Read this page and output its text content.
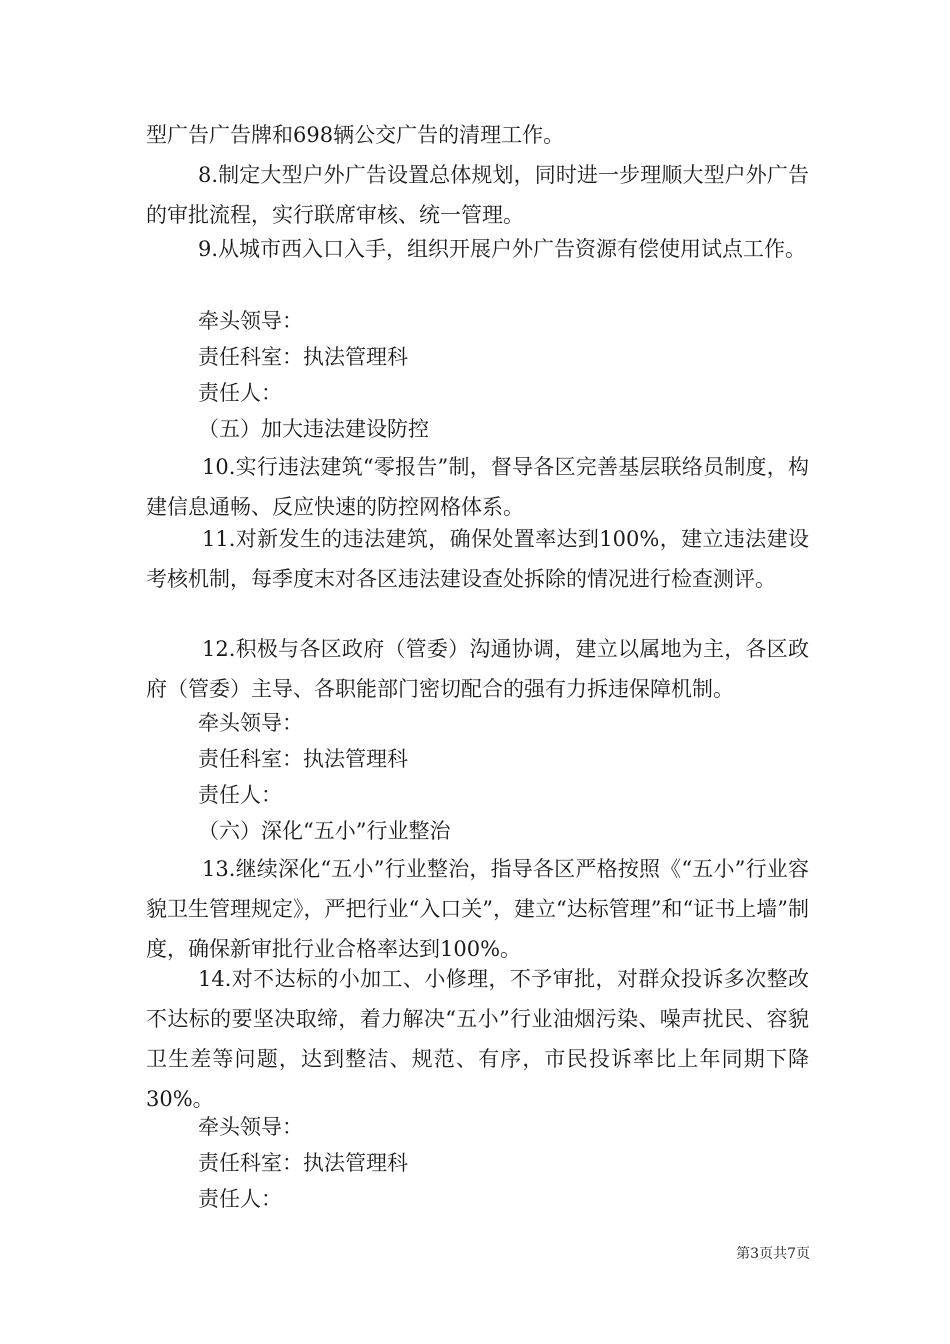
型广告广告牌和698辆公交广告的清理工作。

8.制定大型户外广告设置总体规划，同时进一步理顺大型户外广告的审批流程，实行联席审核、统一管理。

9.从城市西入口入手，组织开展户外广告资源有偿使用试点工作。

牵头领导：

责任科室：执法管理科

责任人：

（五）加大违法建设防控

10.实行违法建筑“零报告”制，督导各区完善基层联络员制度，构建信息通畅、反应快速的防控网格体系。

11.对新发生的违法建筑，确保处置率达到100%，建立违法建设考核机制，每季度末对各区违法建设查处拆除的情况进行检查测评。

12.积极与各区政府（管委）沟通协调，建立以属地为主，各区政府（管委）主导、各职能部门密切配合的强有力拆违保障机制。

牵头领导：

责任科室：执法管理科

责任人：

（六）深化“五小”行业整治

13.继续深化“五小”行业整治，指导各区严格按照《“五小”行业容貌卫生管理规定》，严把行业“入口关”，建立“达标管理”和“证书上墙”制度，确保新审批行业合格率达到100%。

14.对不达标的小加工、小修理，不予审批，对群众投诉多次整改不达标的要坚决取缔，着力解决“五小”行业油烟污染、噪声扰民、容貌卫生差等问题，达到整洁、规范、有序，市民投诉率比上年同期下降30%。

牵头领导：

责任科室：执法管理科

责任人：

第3页共7页
